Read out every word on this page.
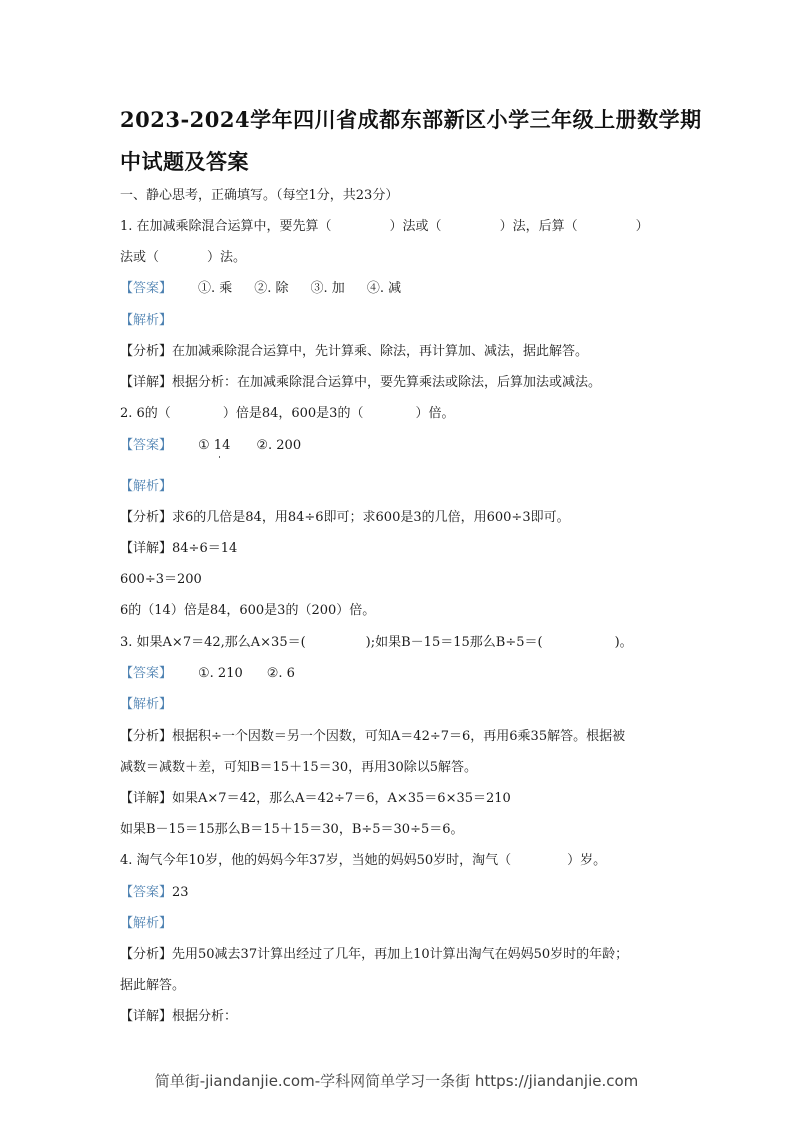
2023-2024学年四川省成都东部新区小学三年级上册数学期
中试题及答案
一、静心思考，正确填写。（每空1分，共23分）
1. 在加减乘除混合运算中，要先算（	）法或（	）法，后算（	）
法或（	）法。
【答案】 ①. 乘 ②. 除 ③. 加 ④. 减
【解析】
【分析】在加减乘除混合运算中，先计算乘、除法，再计算加、减法，据此解答。
【详解】根据分析：在加减乘除混合运算中，要先算乘法或除法，后算加法或减法。
2. 6的（	）倍是84，600是3的（	）倍。
【答案】 ① 14 ②. 200
【解析】
【分析】求6的几倍是84，用84÷6即可；求600是3的几倍，用600÷3即可。
【详解】84÷6＝14
600÷3＝200
6的（14）倍是84，600是3的（200）倍。
3. 如果A×7＝42,那么A×35＝(	);如果B－15＝15那么B÷5＝(	)。
【答案】 ①. 210 ②. 6
【解析】
【分析】根据积÷一个因数＝另一个因数，可知A＝42÷7＝6，再用6乘35解答。根据被
减数＝减数＋差，可知B＝15＋15＝30，再用30除以5解答。
【详解】如果A×7＝42，那么A＝42÷7＝6，A×35＝6×35＝210
如果B－15＝15那么B＝15＋15＝30，B÷5＝30÷5＝6。
4. 淘气今年10岁，他的妈妈今年37岁，当她的妈妈50岁时，淘气（	）岁。
【答案】23
【解析】
【分析】先用50减去37计算出经过了几年，再加上10计算出淘气在妈妈50岁时的年龄；
据此解答。
【详解】根据分析：
简单街-jiandanjie.com-学科网简单学习一条街 https://jiandanjie.com
